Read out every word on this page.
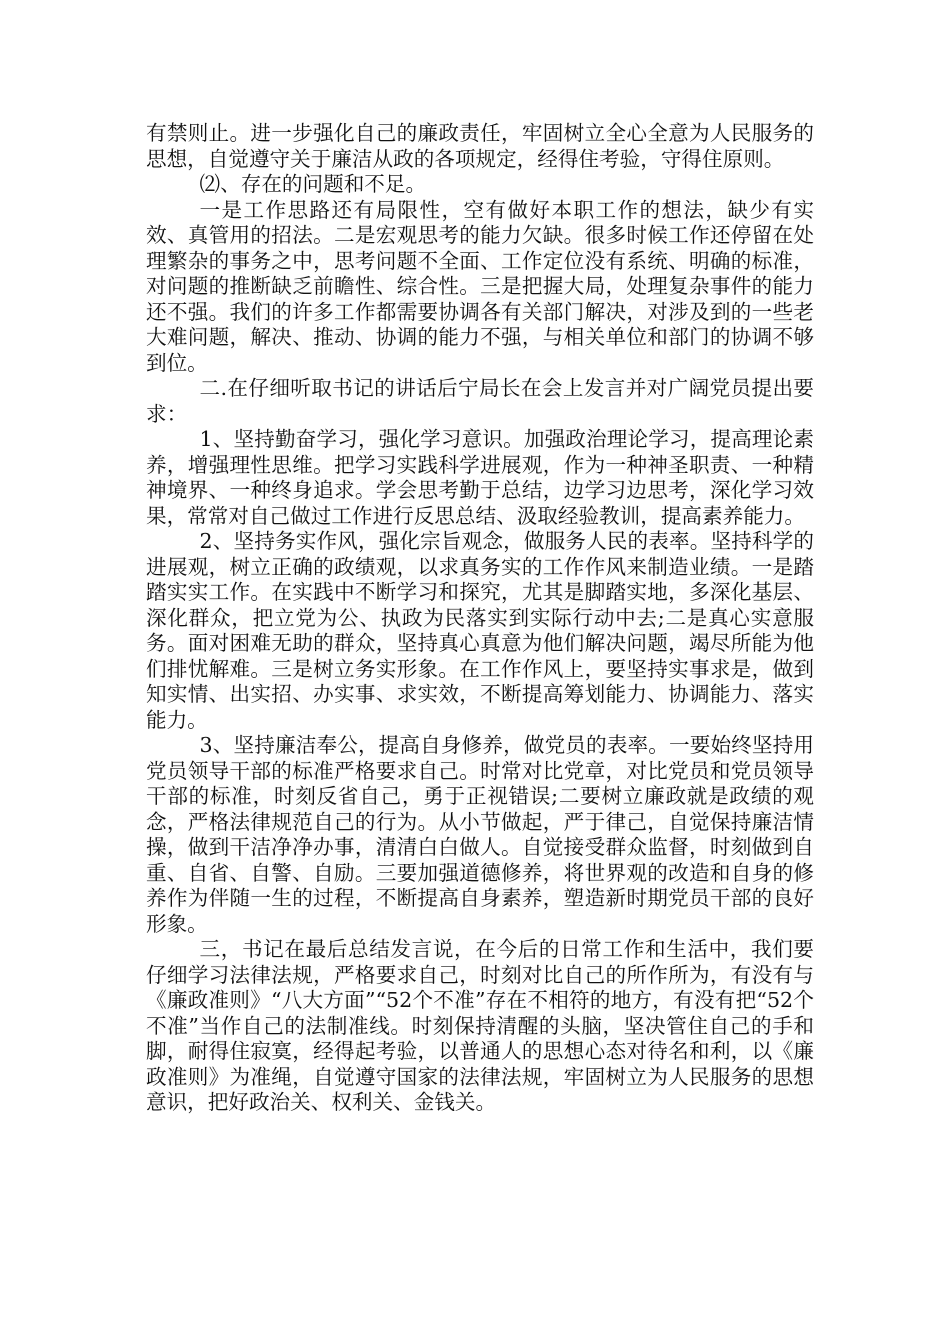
有禁则止。进一步强化自己的廉政责任，牢固树立全心全意为人民服务的思想，自觉遵守关于廉洁从政的各项规定，经得住考验，守得住原则。

⑵、存在的问题和不足。

一是工作思路还有局限性，空有做好本职工作的想法，缺少有实效、真管用的招法。二是宏观思考的能力欠缺。很多时候工作还停留在处理繁杂的事务之中，思考问题不全面、工作定位没有系统、明确的标准，对问题的推断缺乏前瞻性、综合性。三是把握大局，处理复杂事件的能力还不强。我们的许多工作都需要协调各有关部门解决，对涉及到的一些老大难问题，解决、推动、协调的能力不强，与相关单位和部门的协调不够到位。

二.在仔细听取书记的讲话后宁局长在会上发言并对广阔党员提出要求：

1、坚持勤奋学习，强化学习意识。加强政治理论学习，提高理论素养，增强理性思维。把学习实践科学进展观，作为一种神圣职责、一种精神境界、一种终身追求。学会思考勤于总结，边学习边思考，深化学习效果，常常对自己做过工作进行反思总结、汲取经验教训，提高素养能力。

2、坚持务实作风，强化宗旨观念，做服务人民的表率。坚持科学的进展观，树立正确的政绩观，以求真务实的工作作风来制造业绩。一是踏踏实实工作。在实践中不断学习和探究，尤其是脚踏实地，多深化基层、深化群众，把立党为公、执政为民落实到实际行动中去;二是真心实意服务。面对困难无助的群众，坚持真心真意为他们解决问题，竭尽所能为他们排忧解难。三是树立务实形象。在工作作风上，要坚持实事求是，做到知实情、出实招、办实事、求实效，不断提高筹划能力、协调能力、落实能力。

3、坚持廉洁奉公，提高自身修养，做党员的表率。一要始终坚持用党员领导干部的标准严格要求自己。时常对比党章，对比党员和党员领导干部的标准，时刻反省自己，勇于正视错误;二要树立廉政就是政绩的观念，严格法律规范自己的行为。从小节做起，严于律己，自觉保持廉洁情操，做到干洁净净办事，清清白白做人。自觉接受群众监督，时刻做到自重、自省、自警、自励。三要加强道德修养，将世界观的改造和自身的修养作为伴随一生的过程，不断提高自身素养，塑造新时期党员干部的良好形象。

三，书记在最后总结发言说，在今后的日常工作和生活中，我们要仔细学习法律法规，严格要求自己，时刻对比自己的所作所为，有没有与《廉政准则》“八大方面”“52个不准”存在不相符的地方，有没有把“52个不准”当作自己的法制准线。时刻保持清醒的头脑，坚决管住自己的手和脚，耐得住寂寞，经得起考验，以普通人的思想心态对待名和利，以《廉政准则》为准绳，自觉遵守国家的法律法规，牢固树立为人民服务的思想意识，把好政治关、权利关、金钱关。
